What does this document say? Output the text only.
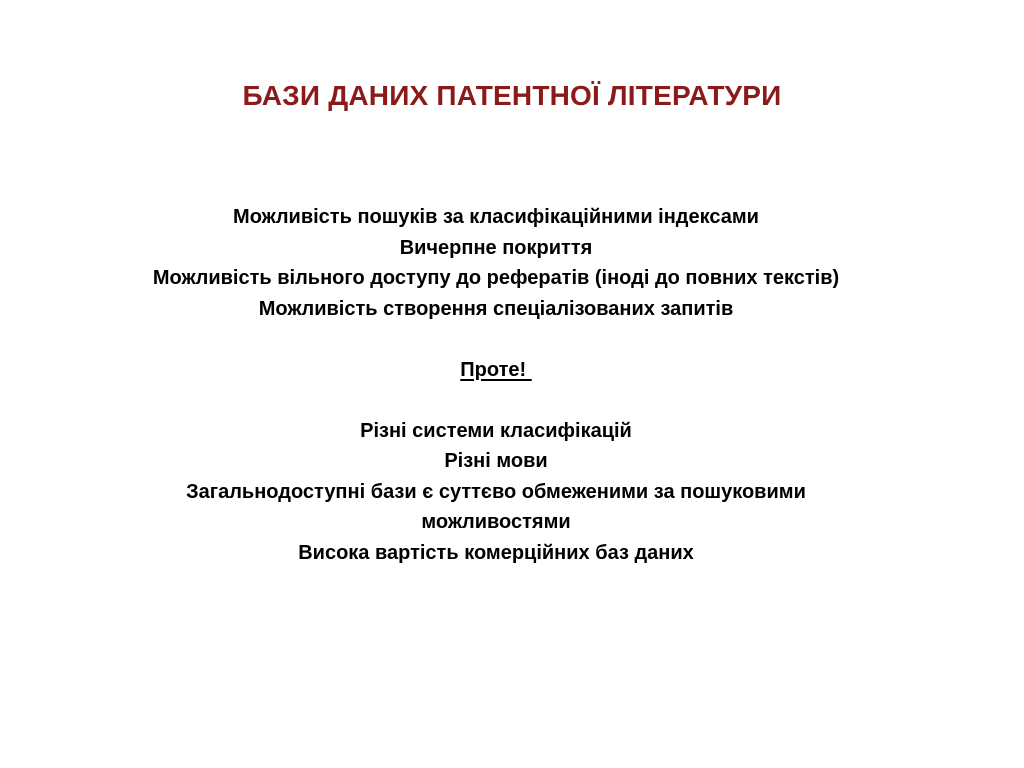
БАЗИ ДАНИХ ПАТЕНТНОЇ ЛІТЕРАТУРИ
Можливість пошуків за класифікаційними індексами
Вичерпне покриття
Можливість вільного доступу до рефератів (іноді до повних текстів)
Можливість створення спеціалізованих запитів
Проте!
Різні системи класифікацій
Різні мови
Загальнодоступні бази є суттєво обмеженими за пошуковими
можливостями
Висока вартість комерційних баз даних
